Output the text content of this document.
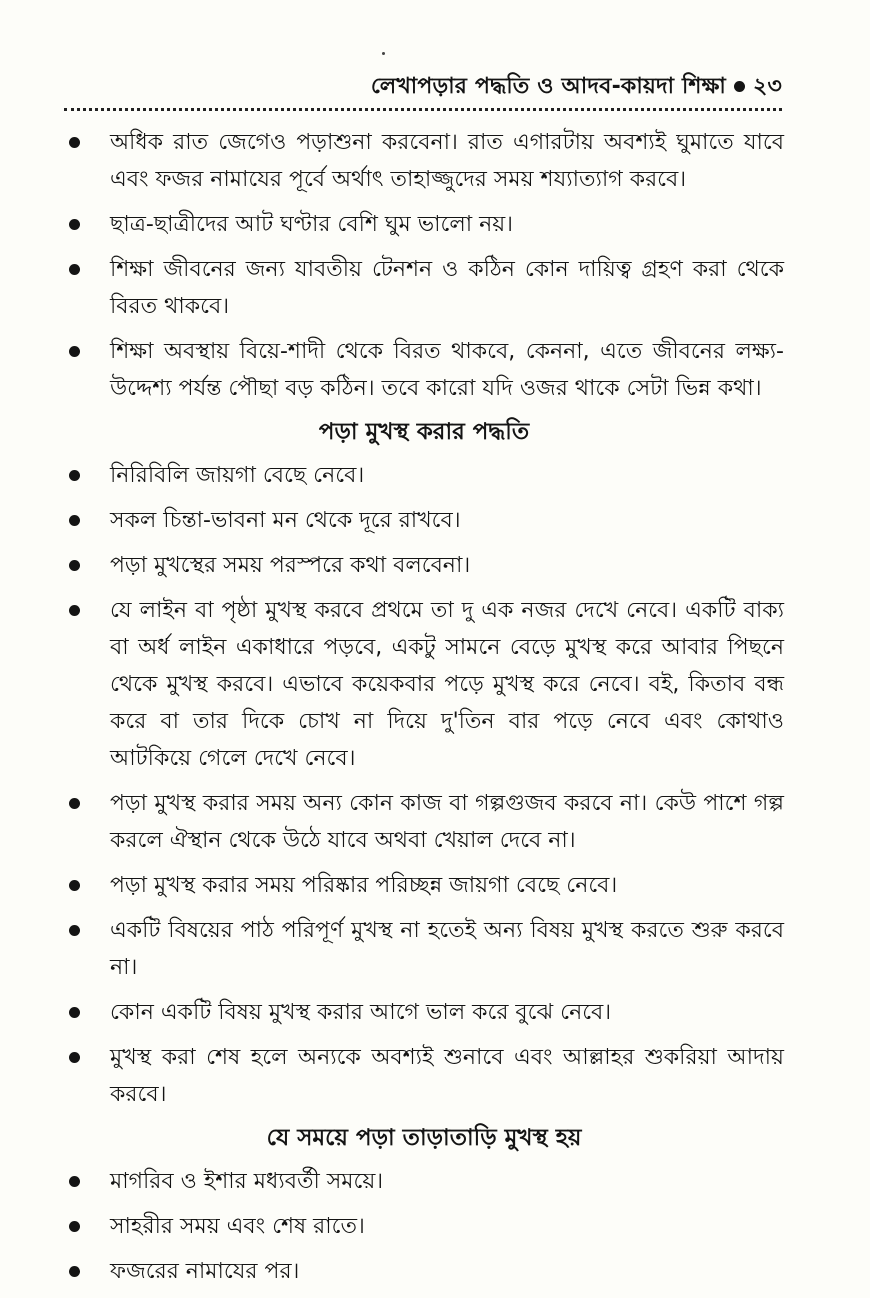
লেখাপড়ার পদ্ধতি ও আদব-কায়দা শিক্ষা ২৩
অধিক রাত জেগেও পড়াশুনা করবেনা। রাত এগারটায় অবশ্যই ঘুমাতে যাবে এবং ফজর নামাযের পূর্বে অর্থাৎ তাহাজ্জুদের সময় শয্যাত্যাগ করবে।
ছাত্র-ছাত্রীদের আট ঘণ্টার বেশি ঘুম ভালো নয়।
শিক্ষা জীবনের জন্য যাবতীয় টেনশন ও কঠিন কোন দায়িত্ব গ্রহণ করা থেকে বিরত থাকবে।
শিক্ষা অবস্থায় বিয়ে-শাদী থেকে বিরত থাকবে, কেননা, এতে জীবনের লক্ষ্য-উদ্দেশ্য পর্যন্ত পৌছা বড় কঠিন। তবে কারো যদি ওজর থাকে সেটা ভিন্ন কথা।
পড়া মুখস্থ করার পদ্ধতি
নিরিবিলি জায়গা বেছে নেবে।
সকল চিন্তা-ভাবনা মন থেকে দূরে রাখবে।
পড়া মুখস্থের সময় পরস্পরে কথা বলবেনা।
যে লাইন বা পৃষ্ঠা মুখস্থ করবে প্রথমে তা দু এক নজর দেখে নেবে। একটি বাক্য বা অর্ধ লাইন একাধারে পড়বে, একটু সামনে বেড়ে মুখস্থ করে আবার পিছনে থেকে মুখস্থ করবে। এভাবে কয়েকবার পড়ে মুখস্থ করে নেবে। বই, কিতাব বন্ধ করে বা তার দিকে চোখ না দিয়ে দু'তিন বার পড়ে নেবে এবং কোথাও আটকিয়ে গেলে দেখে নেবে।
পড়া মুখস্থ করার সময় অন্য কোন কাজ বা গল্পগুজব করবে না। কেউ পাশে গল্প করলে ঐস্থান থেকে উঠে যাবে অথবা খেয়াল দেবে না।
পড়া মুখস্থ করার সময় পরিষ্কার পরিচ্ছন্ন জায়গা বেছে নেবে।
একটি বিষয়ের পাঠ পরিপূর্ণ মুখস্থ না হতেই অন্য বিষয় মুখস্থ করতে শুরু করবে না।
কোন একটি বিষয় মুখস্থ করার আগে ভাল করে বুঝে নেবে।
মুখস্থ করা শেষ হলে অন্যকে অবশ্যই শুনাবে এবং আল্লাহর শুকরিয়া আদায় করবে।
যে সময়ে পড়া তাড়াতাড়ি মুখস্থ হয়
মাগরিব ও ইশার মধ্যবর্তী সময়ে।
সাহরীর সময় এবং শেষ রাতে।
ফজরের নামাযের পর।
